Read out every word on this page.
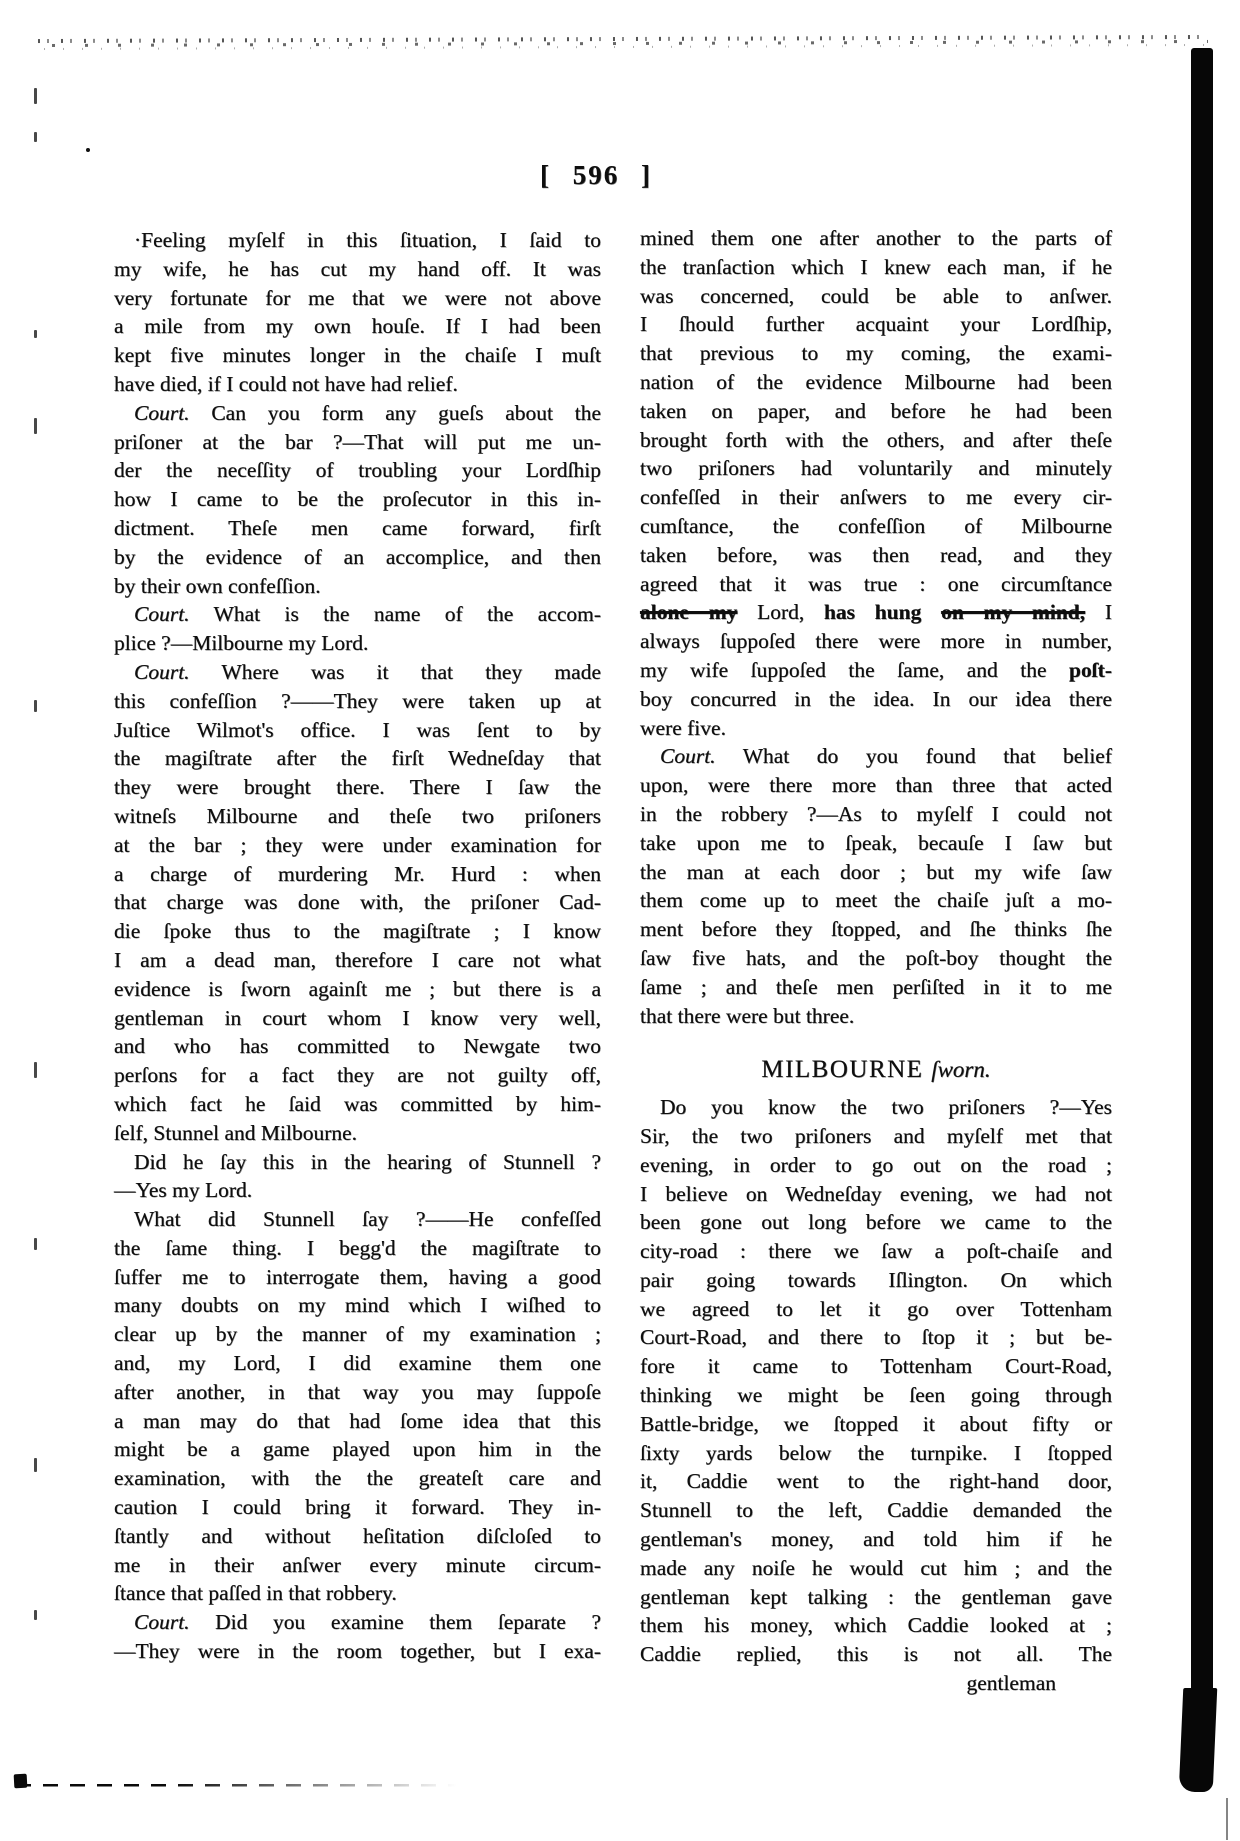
[ 596 ]
·Feeling myſelf in this ſituation, I ſaid to
my wife, he has cut my hand off. It was
very fortunate for me that we were not above
a mile from my own houſe. If I had been
kept five minutes longer in the chaiſe I muſt
have died, if I could not have had relief.
Court. Can you form any gueſs about the
priſoner at the bar ?—That will put me un-
der the neceſſity of troubling your Lordſhip
how I came to be the proſecutor in this in-
dictment. Theſe men came forward, firſt
by the evidence of an accomplice, and then
by their own confeſſion.
Court. What is the name of the accom-
plice ?—Milbourne my Lord.
Court. Where was it that they made
this confeſſion ?——They were taken up at
Juſtice Wilmot's office. I was ſent to by
the magiſtrate after the firſt Wedneſday that
they were brought there. There I ſaw the
witneſs Milbourne and theſe two priſoners
at the bar ; they were under examination for
a charge of murdering Mr. Hurd : when
that charge was done with, the priſoner Cad-
die ſpoke thus to the magiſtrate ; I know
I am a dead man, therefore I care not what
evidence is ſworn againſt me ; but there is a
gentleman in court whom I know very well,
and who has committed to Newgate two
perſons for a fact they are not guilty off,
which fact he ſaid was committed by him-
ſelf, Stunnel and Milbourne.
Did he ſay this in the hearing of Stunnell ?
—Yes my Lord.
What did Stunnell ſay ?——He confeſſed
the ſame thing. I begg'd the magiſtrate to
ſuffer me to interrogate them, having a good
many doubts on my mind which I wiſhed to
clear up by the manner of my examination ;
and, my Lord, I did examine them one
after another, in that way you may ſuppoſe
a man may do that had ſome idea that this
might be a game played upon him in the
examination, with the the greateſt care and
caution I could bring it forward. They in-
ſtantly and without heſitation diſcloſed to
me in their anſwer every minute circum-
ſtance that paſſed in that robbery.
Court. Did you examine them ſeparate ?
—They were in the room together, but I exa-
mined them one after another to the parts of
the tranſaction which I knew each man, if he
was concerned, could be able to anſwer.
I ſhould further acquaint your Lordſhip,
that previous to my coming, the exami-
nation of the evidence Milbourne had been
taken on paper, and before he had been
brought forth with the others, and after theſe
two priſoners had voluntarily and minutely
confeſſed in their anſwers to me every cir-
cumſtance, the confeſſion of Milbourne
taken before, was then read, and they
agreed that it was true : one circumſtance
alone my Lord, has hung on my mind, I
always ſuppoſed there were more in number,
my wife ſuppoſed the ſame, and the poſt-
boy concurred in the idea. In our idea there
were five.
Court. What do you found that belief
upon, were there more than three that acted
in the robbery ?—As to myſelf I could not
take upon me to ſpeak, becauſe I ſaw but
the man at each door ; but my wife ſaw
them come up to meet the chaiſe juſt a mo-
ment before they ſtopped, and ſhe thinks ſhe
ſaw five hats, and the poſt-boy thought the
ſame ; and theſe men perſiſted in it to me
that there were but three.
MILBOURNE ſworn.
Do you know the two priſoners ?—Yes
Sir, the two priſoners and myſelf met that
evening, in order to go out on the road ;
I believe on Wedneſday evening, we had not
been gone out long before we came to the
city-road : there we ſaw a poſt-chaiſe and
pair going towards Iſlington. On which
we agreed to let it go over Tottenham
Court-Road, and there to ſtop it ; but be-
fore it came to Tottenham Court-Road,
thinking we might be ſeen going through
Battle-bridge, we ſtopped it about fifty or
ſixty yards below the turnpike. I ſtopped
it, Caddie went to the right-hand door,
Stunnell to the left, Caddie demanded the
gentleman's money, and told him if he
made any noiſe he would cut him ; and the
gentleman kept talking : the gentleman gave
them his money, which Caddie looked at ;
Caddie replied, this is not all. The
gentleman
